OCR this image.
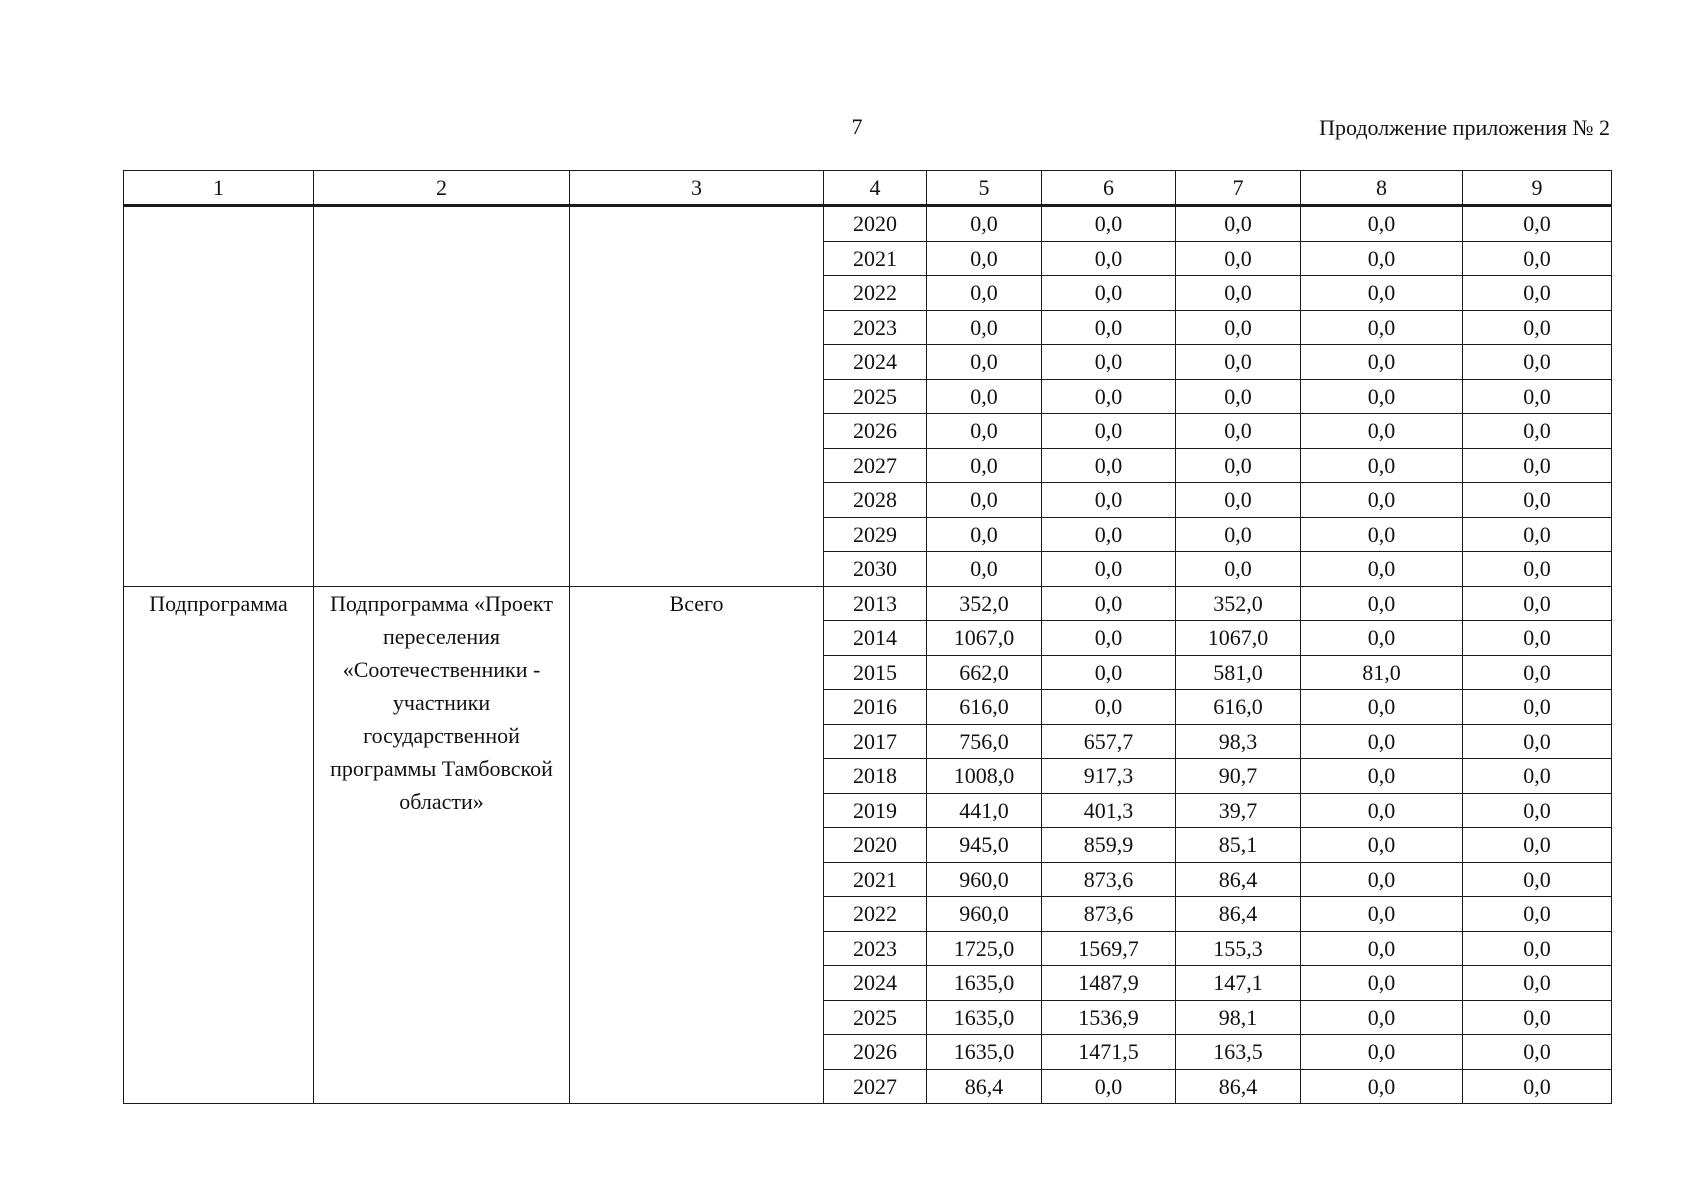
7	Продолжение приложения № 2
1	2	3	4	5	6	7	8	9
			2020	0,0	0,0	0,0	0,0	0,0
			2021	0,0	0,0	0,0	0,0	0,0
			2022	0,0	0,0	0,0	0,0	0,0
			2023	0,0	0,0	0,0	0,0	0,0
			2024	0,0	0,0	0,0	0,0	0,0
			2025	0,0	0,0	0,0	0,0	0,0
			2026	0,0	0,0	0,0	0,0	0,0
			2027	0,0	0,0	0,0	0,0	0,0
			2028	0,0	0,0	0,0	0,0	0,0
			2029	0,0	0,0	0,0	0,0	0,0
			2030	0,0	0,0	0,0	0,0	0,0
Подпрограмма	Подпрограмма «Проект переселения «Соотечественники - участники государственной программы Тамбовской области»	Всего	2013	352,0	0,0	352,0	0,0	0,0
			2014	1067,0	0,0	1067,0	0,0	0,0
			2015	662,0	0,0	581,0	81,0	0,0
			2016	616,0	0,0	616,0	0,0	0,0
			2017	756,0	657,7	98,3	0,0	0,0
			2018	1008,0	917,3	90,7	0,0	0,0
			2019	441,0	401,3	39,7	0,0	0,0
			2020	945,0	859,9	85,1	0,0	0,0
			2021	960,0	873,6	86,4	0,0	0,0
			2022	960,0	873,6	86,4	0,0	0,0
			2023	1725,0	1569,7	155,3	0,0	0,0
			2024	1635,0	1487,9	147,1	0,0	0,0
			2025	1635,0	1536,9	98,1	0,0	0,0
			2026	1635,0	1471,5	163,5	0,0	0,0
			2027	86,4	0,0	86,4	0,0	0,0
